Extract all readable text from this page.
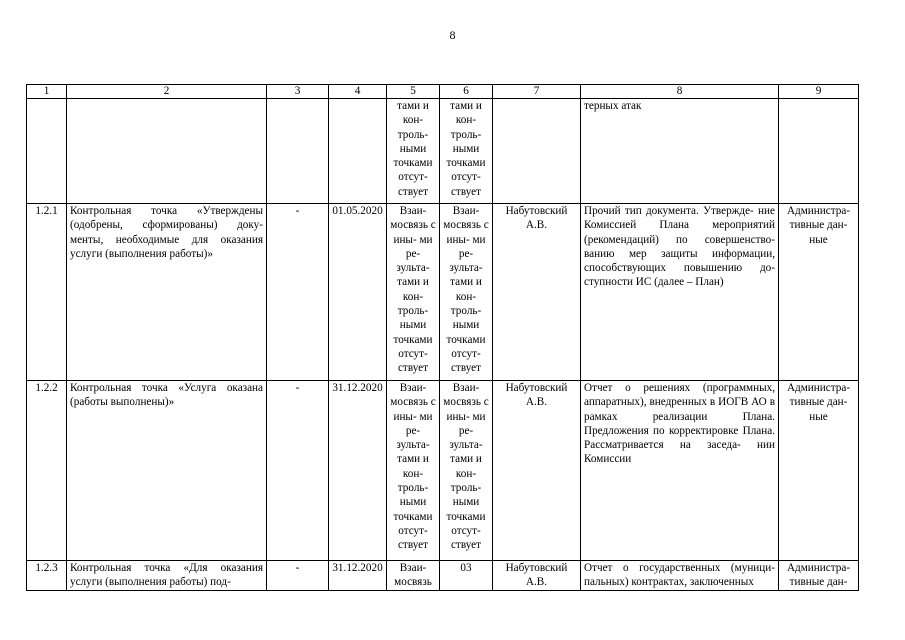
8
1	2	3	4	5	6	7	8	9
				тами и кон- троль- ными точками отсут- ствует	тами и кон- троль- ными точками отсут- ствует		терных атак	
1.2.1	Контрольная точка «Утверждены (одобрены, сформированы) доку- менты, необходимые для оказания услуги (выполнения работы)»	-	01.05.2020	Взаи- мосвязь с ины- ми ре- зульта- тами и кон- троль- ными точками отсут- ствует	Взаи- мосвязь с ины- ми ре- зульта- тами и кон- троль- ными точками отсут- ствует	Набутовский А.В.	Прочий тип документа. Утвержде- ние Комиссией Плана мероприятий (рекомендаций) по совершенство- ванию мер защиты информации, способствующих повышению до- ступности ИС (далее – План)	Администра- тивные дан- ные
1.2.2	Контрольная точка «Услуга оказана (работы выполнены)»	-	31.12.2020	Взаи- мосвязь с ины- ми ре- зульта- тами и кон- троль- ными точками отсут- ствует	Взаи- мосвязь с ины- ми ре- зульта- тами и кон- троль- ными точками отсут- ствует	Набутовский А.В.	Отчет о решениях (программных, аппаратных), внедренных в ИОГВ АО в рамках реализации Плана. Предложения по корректировке Плана. Рассматривается на заседа- нии Комиссии	Администра- тивные дан- ные
1.2.3	Контрольная точка «Для оказания услуги (выполнения работы) под-	-	31.12.2020	Взаи- мосвязь	03	Набутовский А.В.	Отчет о государственных (муници- пальных) контрактах, заключенных	Администра- тивные дан-
